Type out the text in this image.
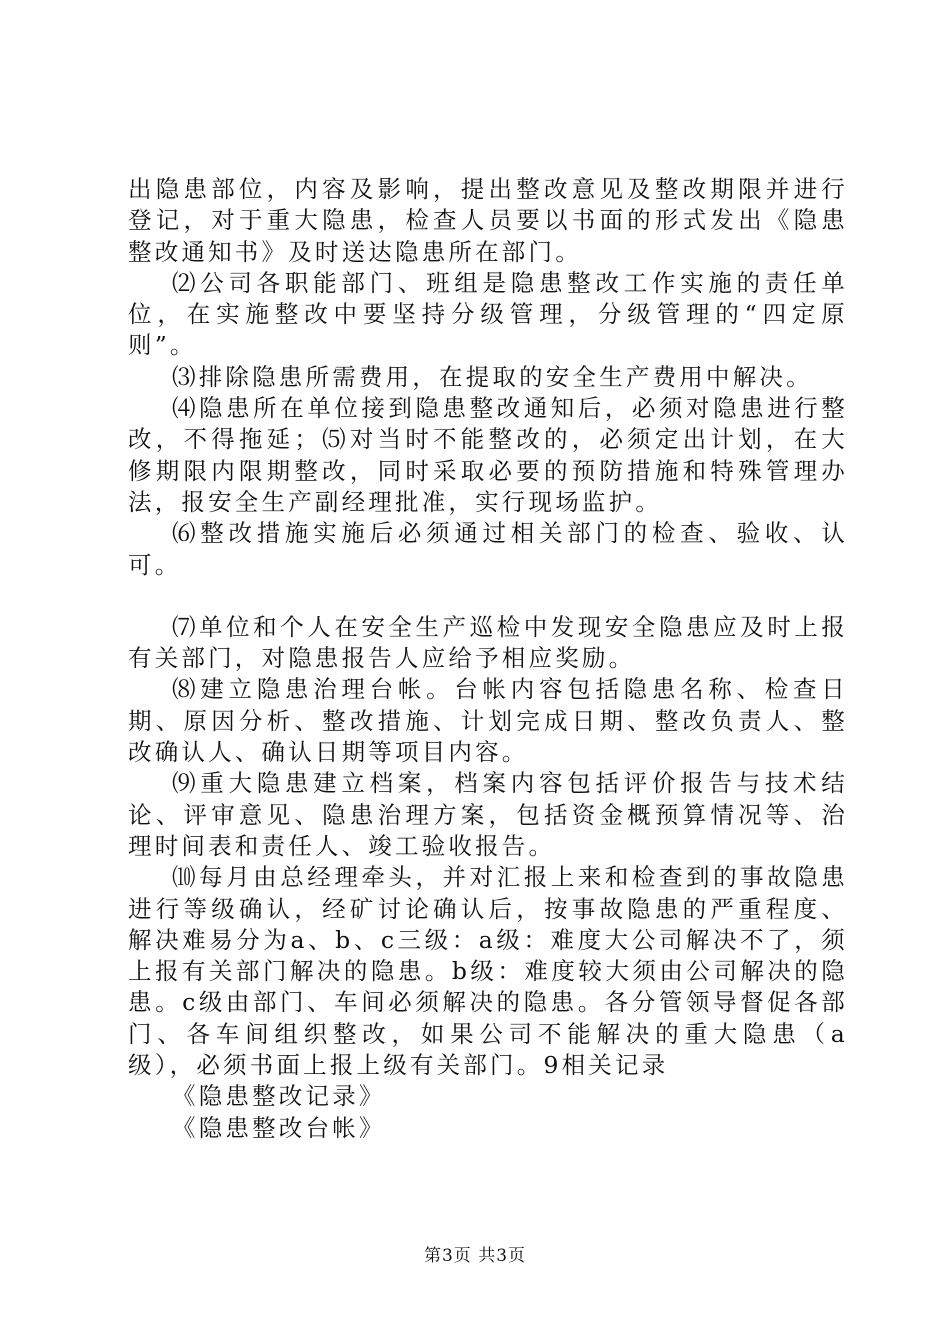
出隐患部位，内容及影响，提出整改意见及整改期限并进行登记，对于重大隐患，检查人员要以书面的形式发出《隐患整改通知书》及时送达隐患所在部门。

⑵公司各职能部门、班组是隐患整改工作实施的责任单位，在实施整改中要坚持分级管理，分级管理的“四定原则”。

⑶排除隐患所需费用，在提取的安全生产费用中解决。

⑷隐患所在单位接到隐患整改通知后，必须对隐患进行整改，不得拖延；⑸对当时不能整改的，必须定出计划，在大修期限内限期整改，同时采取必要的预防措施和特殊管理办法，报安全生产副经理批准，实行现场监护。

⑹整改措施实施后必须通过相关部门的检查、验收、认可。

⑺单位和个人在安全生产巡检中发现安全隐患应及时上报有关部门，对隐患报告人应给予相应奖励。

⑻建立隐患治理台帐。台帐内容包括隐患名称、检查日期、原因分析、整改措施、计划完成日期、整改负责人、整改确认人、确认日期等项目内容。

⑼重大隐患建立档案，档案内容包括评价报告与技术结论、评审意见、隐患治理方案，包括资金概预算情况等、治理时间表和责任人、竣工验收报告。

⑽每月由总经理牵头，并对汇报上来和检查到的事故隐患进行等级确认，经矿讨论确认后，按事故隐患的严重程度、解决难易分为a、b、c三级：a级：难度大公司解决不了，须上报有关部门解决的隐患。b级：难度较大须由公司解决的隐患。c级由部门、车间必须解决的隐患。各分管领导督促各部门、各车间组织整改，如果公司不能解决的重大隐患（a级），必须书面上报上级有关部门。9相关记录

《隐患整改记录》

《隐患整改台帐》

第3页 共3页
